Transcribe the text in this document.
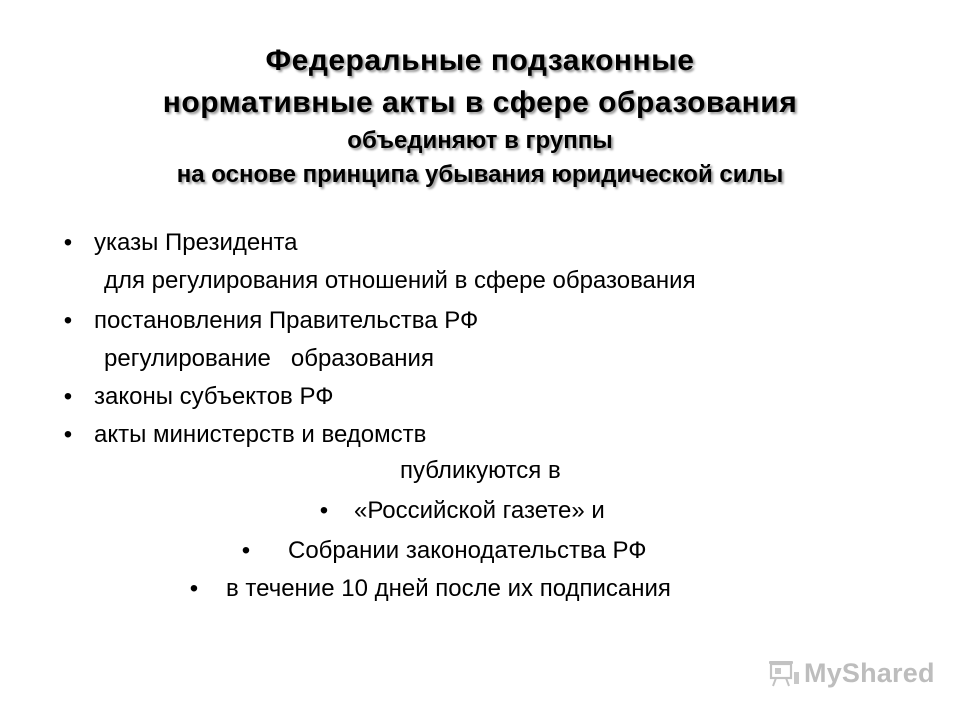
Федеральные подзаконные
нормативные акты в сфере образования
объединяют в группы
на основе принципа убывания юридической силы
• указы Президента
для регулирования отношений в сфере образования
• постановления Правительства РФ
регулирование   образования
• законы субъектов РФ
• акты министерств и ведомств
публикуются в
• «Российской газете» и
• Собрании законодательства РФ
• в течение 10 дней после их подписания
MyShared
